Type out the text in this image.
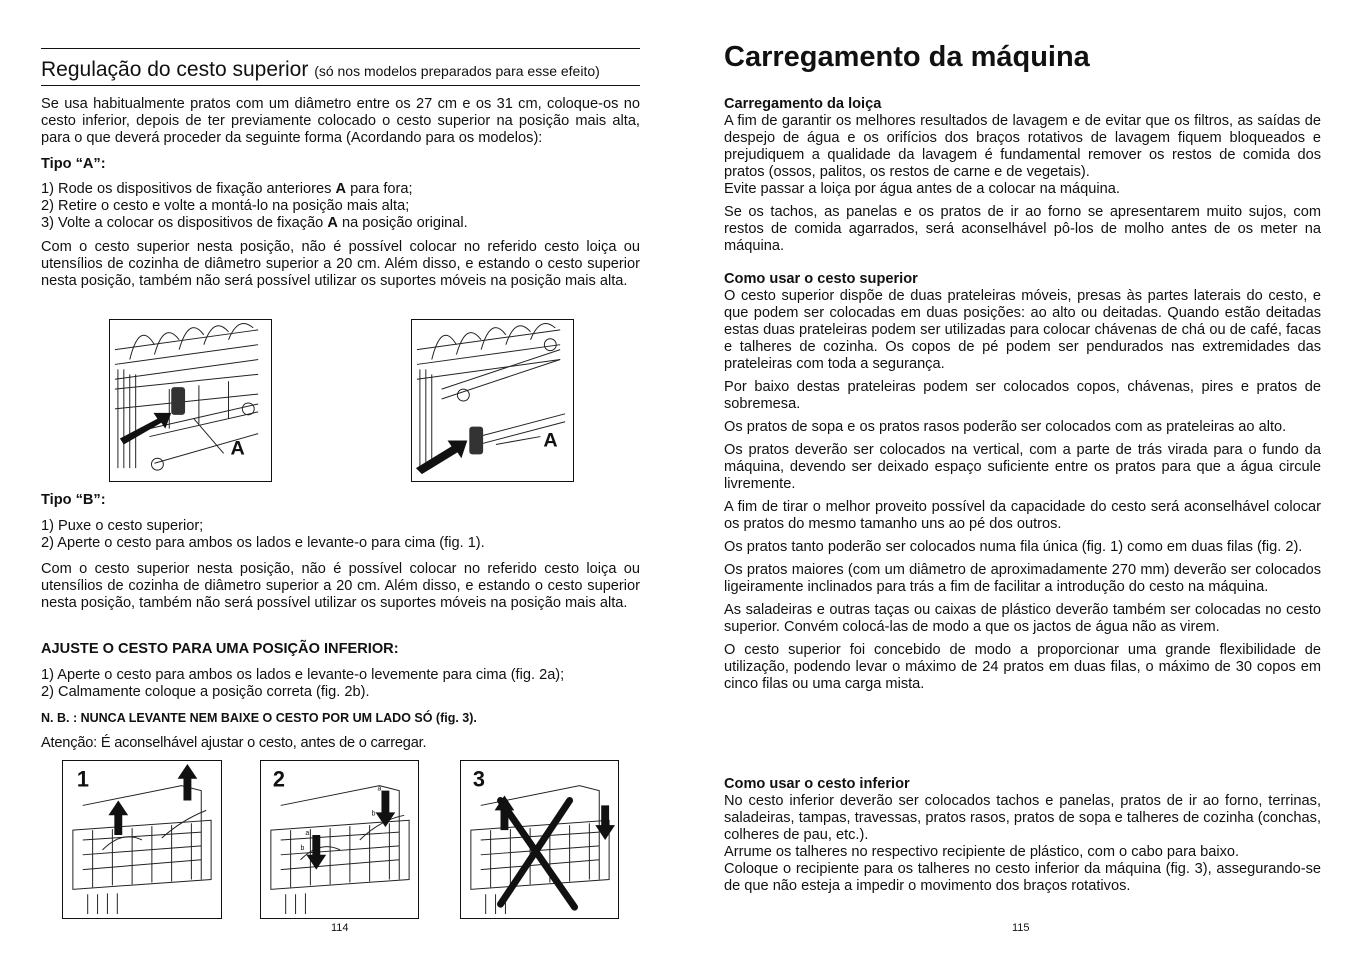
Regulação do cesto superior (só nos modelos preparados para esse efeito)

Se usa habitualmente pratos com um diâmetro entre os 27 cm e os 31 cm, coloque-os no cesto inferior, depois de ter previamente colocado o cesto superior na posição mais alta, para o que deverá proceder da seguinte forma (Acordando para os modelos):

Tipo “A”:

1) Rode os dispositivos de fixação anteriores A para fora;

2) Retire o cesto e volte a montá-lo na posição mais alta;

3) Volte a colocar os dispositivos de fixação A na posição original.

Com o cesto superior nesta posição, não é possível colocar no referido cesto loiça ou utensílios de cozinha de diâmetro superior a 20 cm. Além disso, e estando o cesto superior nesta posição, também não será possível utilizar os suportes móveis na posição mais alta.

A	A

Tipo “B”:

1) Puxe o cesto superior;

2) Aperte o cesto para ambos os lados e levante-o para cima (fig. 1).

Com o cesto superior nesta posição, não é possível colocar no referido cesto loiça ou utensílios de cozinha de diâmetro superior a 20 cm. Além disso, e estando o cesto superior nesta posição, também não será possível utilizar os suportes móveis na posição mais alta.

AJUSTE O CESTO PARA UMA POSIÇÃO INFERIOR:

1) Aperte o cesto para ambos os lados e levante-o levemente para cima (fig. 2a);

2) Calmamente coloque a posição correta (fig. 2b).

N. B. : NUNCA LEVANTE NEM BAIXE O CESTO POR UM LADO SÓ (fig. 3).

Atenção: É aconselhável ajustar o cesto, antes de o carregar.

1	a
b
a
b
2	3
114
Carregamento da máquina

Carregamento da loiça

A fim de garantir os melhores resultados de lavagem e de evitar que os filtros, as saídas de despejo de água e os orifícios dos braços rotativos de lavagem fiquem bloqueados e prejudiquem a qualidade da lavagem é fundamental remover os restos de comida dos pratos (ossos, palitos, os restos de carne e de vegetais).

Evite passar a loiça por água antes de a colocar na máquina.

Se os tachos, as panelas e os pratos de ir ao forno se apresentarem muito sujos, com restos de comida agarrados, será aconselhável pô-los de molho antes de os meter na máquina.

Como usar o cesto superior

O cesto superior dispõe de duas prateleiras móveis, presas às partes laterais do cesto, e que podem ser colocadas em duas posições: ao alto ou deitadas. Quando estão deitadas estas duas prateleiras podem ser utilizadas para colocar chávenas de chá ou de café, facas e talheres de cozinha. Os copos de pé podem ser pendurados nas extremidades das prateleiras com toda a segurança.

Por baixo destas prateleiras podem ser colocados copos, chávenas, pires e pratos de sobremesa.

Os pratos de sopa e os pratos rasos poderão ser colocados com as prateleiras ao alto.

Os pratos deverão ser colocados na vertical, com a parte de trás virada para o fundo da máquina, devendo ser deixado espaço suficiente entre os pratos para que a água circule livremente.

A fim de tirar o melhor proveito possível da capacidade do cesto será aconselhável colocar os pratos do mesmo tamanho uns ao pé dos outros.

Os pratos tanto poderão ser colocados numa fila única (fig. 1) como em duas filas (fig. 2).

Os pratos maiores (com um diâmetro de aproximadamente 270 mm) deverão ser colocados ligeiramente inclinados para trás a fim de facilitar a introdução do cesto na máquina.

As saladeiras e outras taças ou caixas de plástico deverão também ser colocadas no cesto superior. Convém colocá-las de modo a que os jactos de água não as virem.

O cesto superior foi concebido de modo a proporcionar uma grande flexibilidade de utilização, podendo levar o máximo de 24 pratos em duas filas, o máximo de 30 copos em cinco filas ou uma carga mista.

Como usar o cesto inferior

No cesto inferior deverão ser colocados tachos e panelas, pratos de ir ao forno, terrinas, saladeiras, tampas, travessas, pratos rasos, pratos de sopa e talheres de cozinha (conchas, colheres de pau, etc.).

Arrume os talheres no respectivo recipiente de plástico, com o cabo para baixo.

Coloque o recipiente para os talheres no cesto inferior da máquina (fig. 3), assegurando-se de que não esteja a impedir o movimento dos braços rotativos.

115
